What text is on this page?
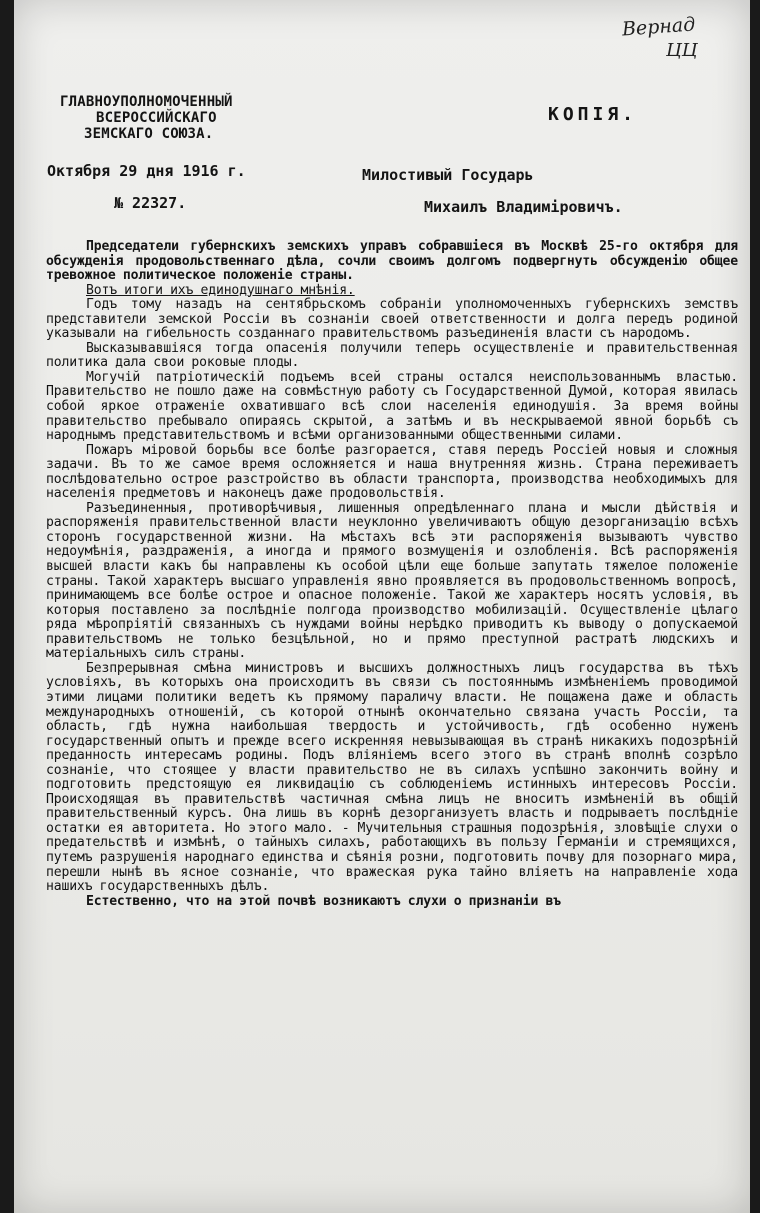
Вернад
ЦЦ
ГЛАВНОУПОЛНОМОЧЕННЫЙ
ВСЕРОССИЙСКАГО
ЗЕМСКАГО СОЮЗА.
КОПІЯ.
Октября 29 дня 1916 г.
№ 22327.
Милостивый Государь
Михаилъ Владиміровичъ.

Председатели губернскихъ земскихъ управъ собравшіеся въ Москвѣ 25-го октября для обсужденія продовольственнаго дѣла, сочли своимъ долгомъ подвергнуть обсужденію общее тревожное политическое положеніе страны.

Вотъ итоги ихъ единодушнаго мнѣнія.

Годъ тому назадъ на сентябрьскомъ собраніи уполномоченныхъ губернскихъ земствъ представители земской Россіи въ сознаніи своей ответственности и долга передъ родиной указывали на гибельность созданнаго правительствомъ разъединенія власти съ народомъ.

Высказывавшіяся тогда опасенія получили теперь осуществленіе и правительственная политика дала свои роковые плоды.

Могучій патріотическій подъемъ всей страны остался неиспользованнымъ властью. Правительство не пошло даже на совмѣстную работу съ Государственной Думой, которая явилась собой яркое отраженіе охватившаго всѣ слои населенія единодушія. За время войны правительство пребывало опираясь скрытой, а затѣмъ и въ нескрываемой явной борьбѣ съ народнымъ представительствомъ и всѣми организованными общественными силами.

Пожаръ міровой борьбы все болѣе разгорается, ставя передъ Россіей новыя и сложныя задачи. Въ то же самое время осложняется и наша внутренняя жизнь. Страна переживаетъ послѣдовательно острое разстройство въ области транспорта, производства необходимыхъ для населенія предметовъ и наконецъ даже продовольствія.

Разъединенныя, противорѣчивыя, лишенныя опредѣленнаго плана и мысли дѣйствія и распоряженія правительственной власти неуклонно увеличиваютъ общую дезорганизацію всѣхъ сторонъ государственной жизни. На мѣстахъ всѣ эти распоряженія вызываютъ чувство недоумѣнія, раздраженія, а иногда и прямого возмущенія и озлобленія. Всѣ распоряженія высшей власти какъ бы направлены къ особой цѣли еще больше запутать тяжелое положеніе страны. Такой характеръ высшаго управленія явно проявляется въ продовольственномъ вопросѣ, принимающемъ все болѣе острое и опасное положеніе. Такой же характеръ носятъ условія, въ которыя поставлено за послѣдніе полгода производство мобилизацій. Осуществленіе цѣлаго ряда мѣропріятій связанныхъ съ нуждами войны нерѣдко приводитъ къ выводу о допускаемой правительствомъ не только безцѣльной, но и прямо преступной растратѣ людскихъ и матеріальныхъ силъ страны.

Безпрерывная смѣна министровъ и высшихъ должностныхъ лицъ государства въ тѣхъ условіяхъ, въ которыхъ она происходитъ въ связи съ постояннымъ измѣненіемъ проводимой этими лицами политики ведетъ къ прямому параличу власти. Не пощажена даже и область международныхъ отношеній, съ которой отнынѣ окончательно связана участь Россіи, та область, гдѣ нужна наибольшая твердость и устойчивость, гдѣ особенно нуженъ государственный опытъ и прежде всего искренняя невызывающая въ странѣ никакихъ подозрѣній преданность интересамъ родины. Подъ вліяніемъ всего этого въ странѣ вполнѣ созрѣло сознаніе, что стоящее у власти правительство не въ силахъ успѣшно закончить войну и подготовить предстоящую ея ликвидацію съ соблюденіемъ истинныхъ интересовъ Россіи. Происходящая въ правительствѣ частичная смѣна лицъ не вноситъ измѣненій въ общій правительственный курсъ. Она лишь въ корнѣ дезорганизуетъ власть и подрываетъ послѣдніе остатки ея авторитета. Но этого мало. - Мучительныя страшныя подозрѣнія, зловѣщіе слухи о предательствѣ и измѣнѣ, о тайныхъ силахъ, работающихъ въ пользу Германіи и стремящихся, путемъ разрушенія народнаго единства и сѣянія розни, подготовить почву для позорнаго мира, перешли нынѣ въ ясное сознаніе, что вражеская рука тайно вліяетъ на направленіе хода нашихъ государственныхъ дѣлъ.

Естественно, что на этой почвѣ возникаютъ слухи о признаніи въ
